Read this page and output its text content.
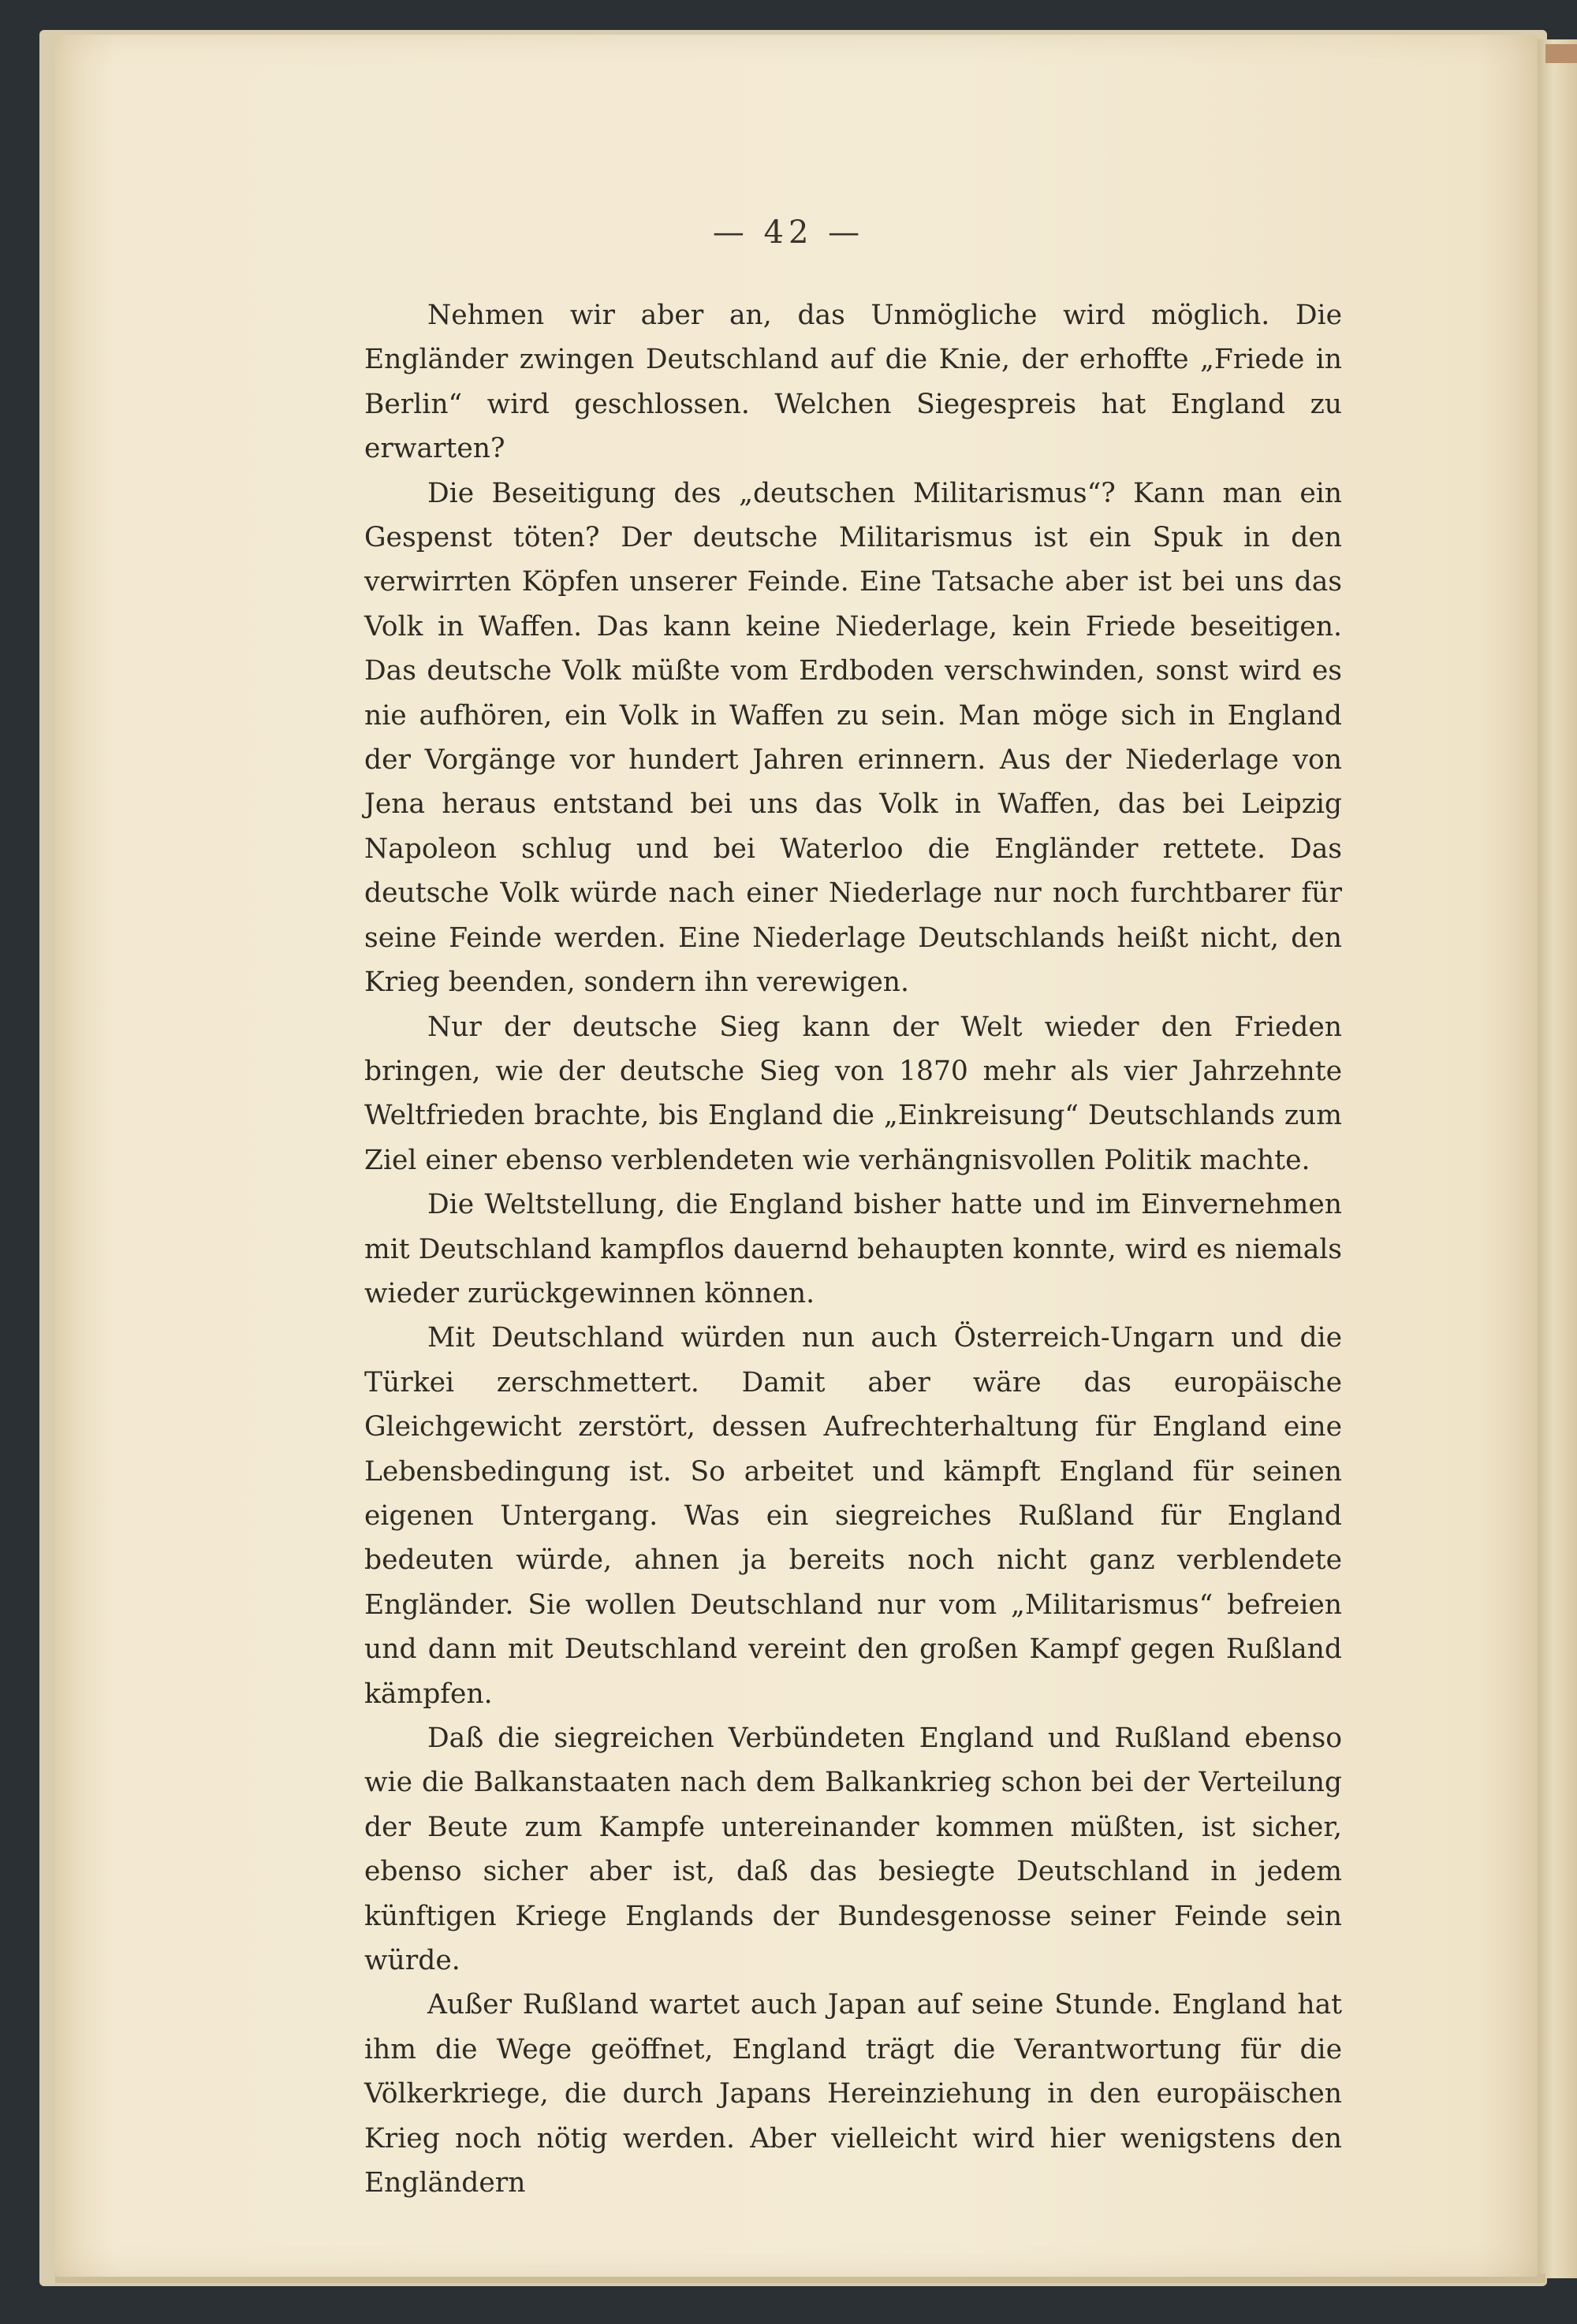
— 42 —

Nehmen wir aber an, das Unmögliche wird möglich. Die Engländer zwingen Deutschland auf die Knie, der erhoffte „Friede in Berlin“ wird geschlossen. Welchen Siegespreis hat England zu erwarten?

Die Beseitigung des „deutschen Militarismus“? Kann man ein Gespenst töten? Der deutsche Militarismus ist ein Spuk in den verwirrten Köpfen unserer Feinde. Eine Tatsache aber ist bei uns das Volk in Waffen. Das kann keine Niederlage, kein Friede beseitigen. Das deutsche Volk müßte vom Erdboden verschwinden, sonst wird es nie aufhören, ein Volk in Waffen zu sein. Man möge sich in England der Vorgänge vor hundert Jahren erinnern. Aus der Niederlage von Jena heraus entstand bei uns das Volk in Waffen, das bei Leipzig Napoleon schlug und bei Waterloo die Engländer rettete. Das deutsche Volk würde nach einer Niederlage nur noch furchtbarer für seine Feinde werden. Eine Niederlage Deutschlands heißt nicht, den Krieg beenden, sondern ihn verewigen.

Nur der deutsche Sieg kann der Welt wieder den Frieden bringen, wie der deutsche Sieg von 1870 mehr als vier Jahrzehnte Weltfrieden brachte, bis England die „Einkreisung“ Deutschlands zum Ziel einer ebenso verblendeten wie verhängnisvollen Politik machte.

Die Weltstellung, die England bisher hatte und im Einvernehmen mit Deutschland kampflos dauernd behaupten konnte, wird es niemals wieder zurückgewinnen können.

Mit Deutschland würden nun auch Österreich-Ungarn und die Türkei zerschmettert. Damit aber wäre das europäische Gleichgewicht zerstört, dessen Aufrechterhaltung für England eine Lebensbedingung ist. So arbeitet und kämpft England für seinen eigenen Untergang. Was ein siegreiches Rußland für England bedeuten würde, ahnen ja bereits noch nicht ganz verblendete Engländer. Sie wollen Deutschland nur vom „Militarismus“ befreien und dann mit Deutschland vereint den großen Kampf gegen Rußland kämpfen.

Daß die siegreichen Verbündeten England und Rußland ebenso wie die Balkanstaaten nach dem Balkankrieg schon bei der Verteilung der Beute zum Kampfe untereinander kommen müßten, ist sicher, ebenso sicher aber ist, daß das besiegte Deutschland in jedem künftigen Kriege Englands der Bundesgenosse seiner Feinde sein würde.

Außer Rußland wartet auch Japan auf seine Stunde. England hat ihm die Wege geöffnet, England trägt die Verantwortung für die Völkerkriege, die durch Japans Hereinziehung in den europäischen Krieg noch nötig werden. Aber vielleicht wird hier wenigstens den Engländern
